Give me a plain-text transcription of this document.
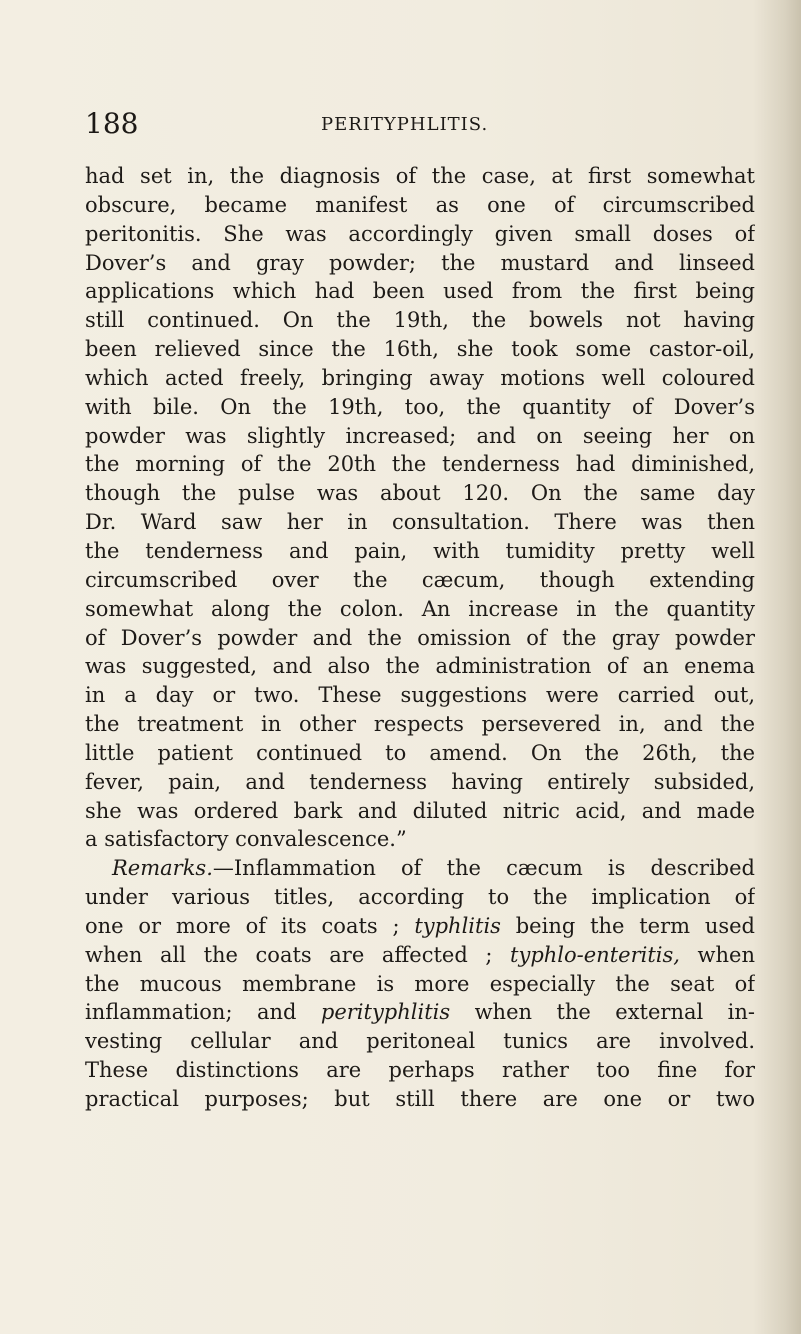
188	PERITYPHLITIS.
had set in, the diagnosis of the case, at first somewhat
obscure, became manifest as one of circumscribed
peritonitis. She was accordingly given small doses of
Dover’s and gray powder; the mustard and linseed
applications which had been used from the first being
still continued. On the 19th, the bowels not having
been relieved since the 16th, she took some castor-oil,
which acted freely, bringing away motions well coloured
with bile. On the 19th, too, the quantity of Dover’s
powder was slightly increased; and on seeing her on
the morning of the 20th the tenderness had diminished,
though the pulse was about 120. On the same day
Dr. Ward saw her in consultation. There was then
the tenderness and pain, with tumidity pretty well
circumscribed over the cæcum, though extending
somewhat along the colon. An increase in the quantity
of Dover’s powder and the omission of the gray powder
was suggested, and also the administration of an enema
in a day or two. These suggestions were carried out,
the treatment in other respects persevered in, and the
little patient continued to amend. On the 26th, the
fever, pain, and tenderness having entirely subsided,
she was ordered bark and diluted nitric acid, and made
a satisfactory convalescence.”
Remarks.—Inflammation of the cæcum is described
under various titles, according to the implication of
one or more of its coats ; typhlitis being the term used
when all the coats are affected ; typhlo-enteritis, when
the mucous membrane is more especially the seat of
inflammation; and perityphlitis when the external in-
vesting cellular and peritoneal tunics are involved.
These distinctions are perhaps rather too fine for
practical purposes; but still there are one or two
